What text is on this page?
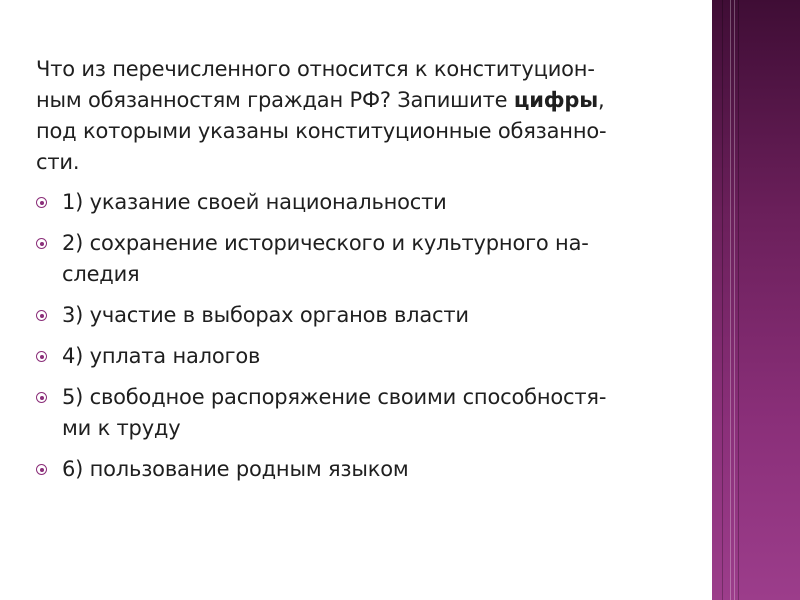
Что из перечисленного относится к конституцион-
ным обязанностям граждан РФ? Запишите цифры,
под которыми указаны конституционные обязанно-
сти.

1) указание своей национальности
2) сохранение исторического и культурного на-
следия
3) участие в выборах органов власти
4) уплата налогов
5) свободное распоряжение своими способностя-
ми к труду
6) пользование родным языком
